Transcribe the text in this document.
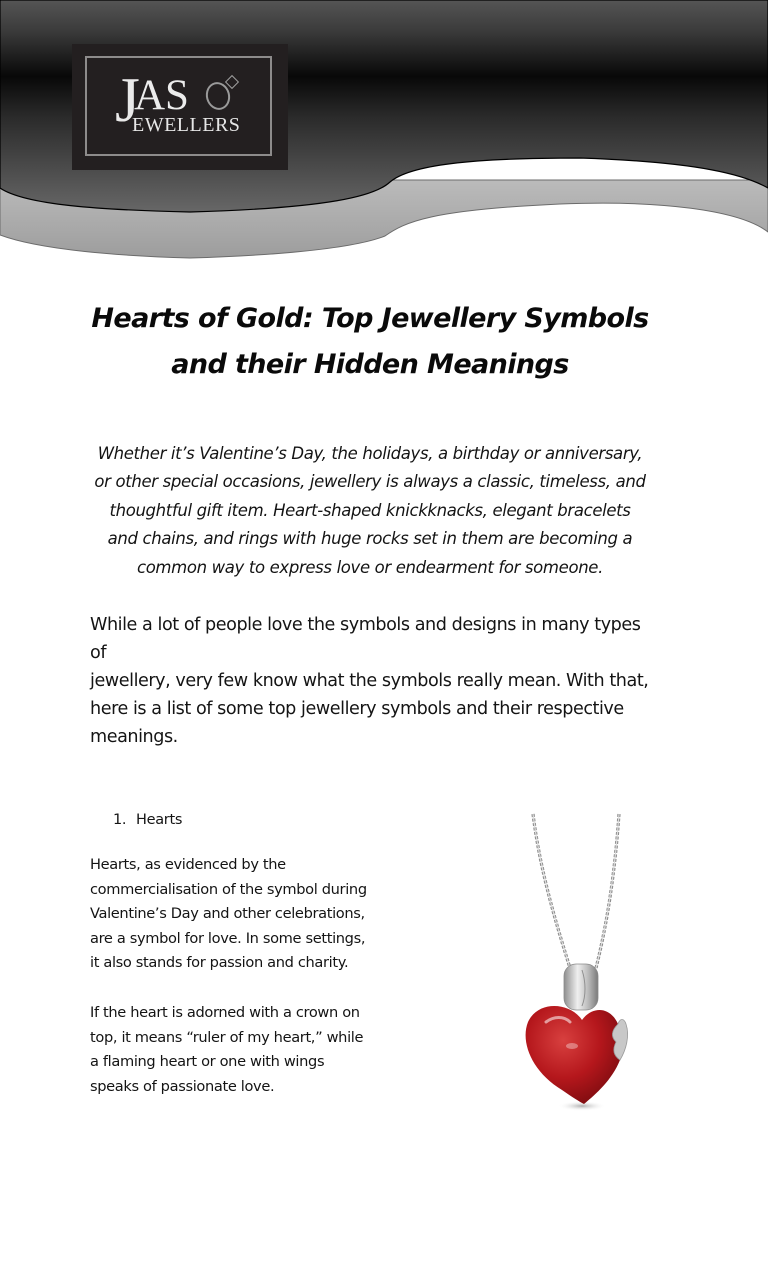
J
AS
EWELLERS
Hearts of Gold: Top Jewellery Symbols
and their Hidden Meanings
Whether it’s Valentine’s Day, the holidays, a birthday or anniversary,
or other special occasions, jewellery is always a classic, timeless, and
thoughtful gift item. Heart-shaped knickknacks, elegant bracelets
and chains, and rings with huge rocks set in them are becoming a
common way to express love or endearment for someone.
While a lot of people love the symbols and designs in many types of
jewellery, very few know what the symbols really mean. With that,
here is a list of some top jewellery symbols and their respective
meanings.
1. Hearts
Hearts, as evidenced by the
commercialisation of the symbol during
Valentine’s Day and other celebrations,
are a symbol for love. In some settings,
it also stands for passion and charity.
If the heart is adorned with a crown on
top, it means “ruler of my heart,” while
a flaming heart or one with wings
speaks of passionate love.
